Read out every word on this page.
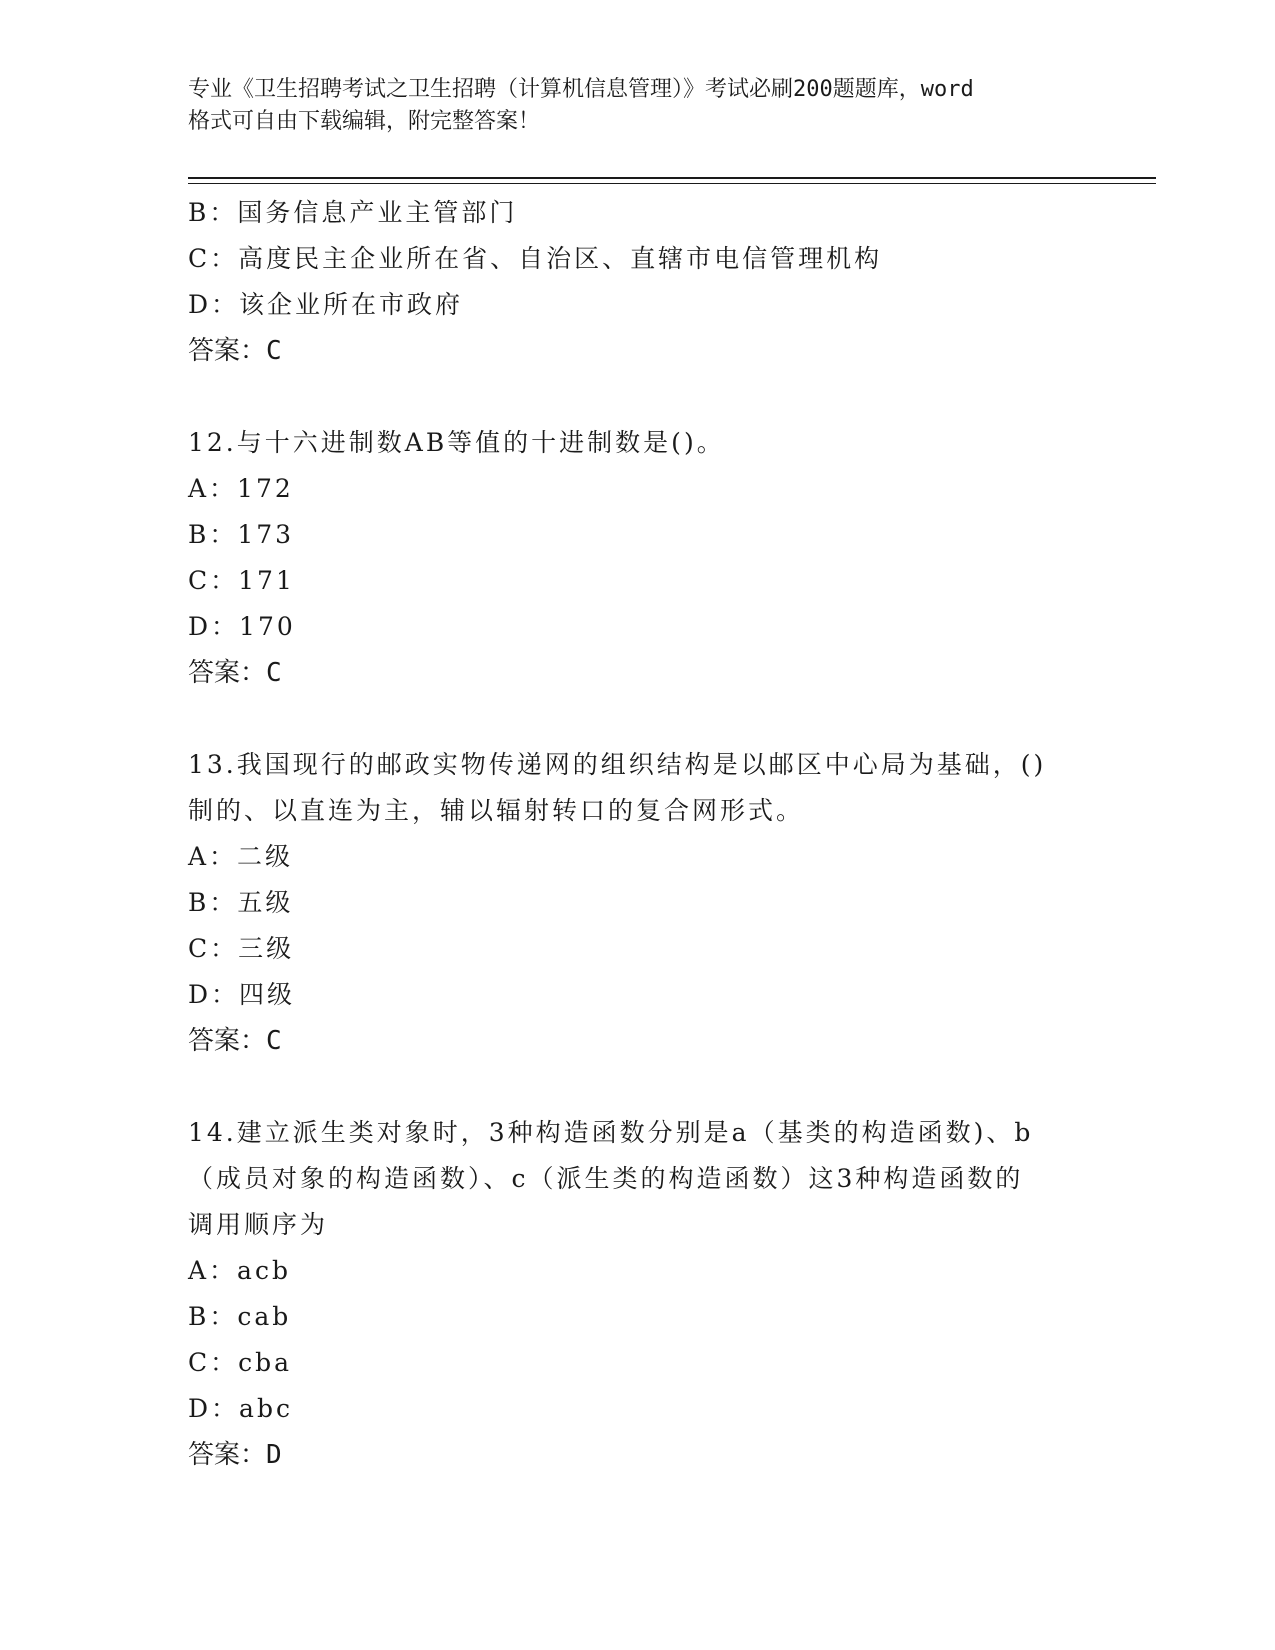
专业《卫生招聘考试之卫生招聘（计算机信息管理）》考试必刷200题题库，word
格式可自由下载编辑，附完整答案！
B：国务信息产业主管部门
C：高度民主企业所在省、自治区、直辖市电信管理机构
D：该企业所在市政府
答案：C
12.与十六进制数AB等值的十进制数是()。
A：172
B：173
C：171
D：170
答案：C
13.我国现行的邮政实物传递网的组织结构是以邮区中心局为基础，()
制的、以直连为主，辅以辐射转口的复合网形式。
A：二级
B：五级
C：三级
D：四级
答案：C
14.建立派生类对象时，3种构造函数分别是a（基类的构造函数)、b
（成员对象的构造函数）、c（派生类的构造函数）这3种构造函数的
调用顺序为
A：acb
B：cab
C：cba
D：abc
答案：D
